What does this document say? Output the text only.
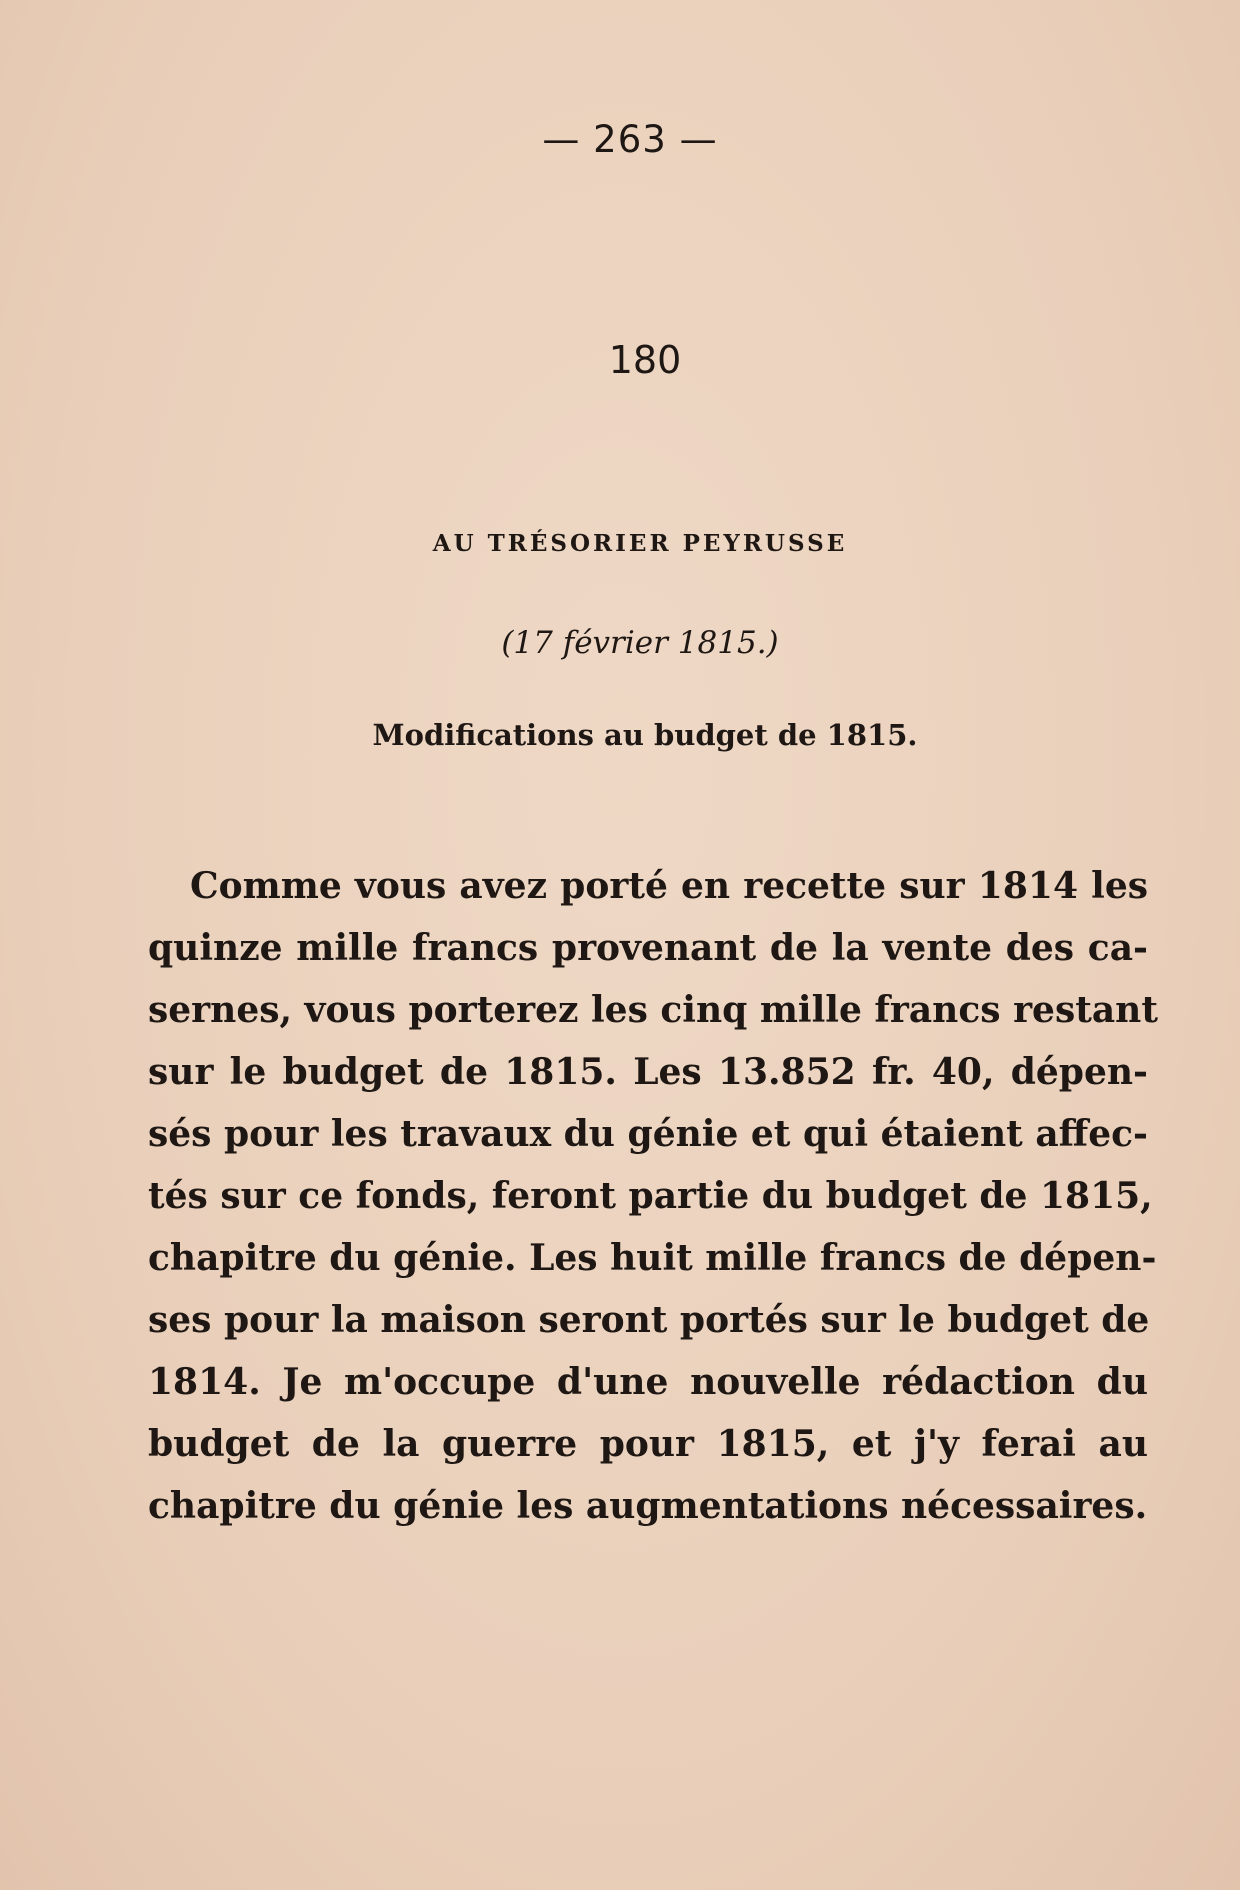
— 263 —
180
AU TRÉSORIER PEYRUSSE
(17 février 1815.)
Modifications au budget de 1815.
Comme vous avez porté en recette sur 1814 les
quinze mille francs provenant de la vente des ca-
sernes, vous porterez les cinq mille francs restant
sur le budget de 1815. Les 13.852 fr. 40, dépen-
sés pour les travaux du génie et qui étaient affec-
tés sur ce fonds, feront partie du budget de 1815,
chapitre du génie. Les huit mille francs de dépen-
ses pour la maison seront portés sur le budget de
1814. Je m'occupe d'une nouvelle rédaction du
budget de la guerre pour 1815, et j'y ferai au
chapitre du génie les augmentations nécessaires.
